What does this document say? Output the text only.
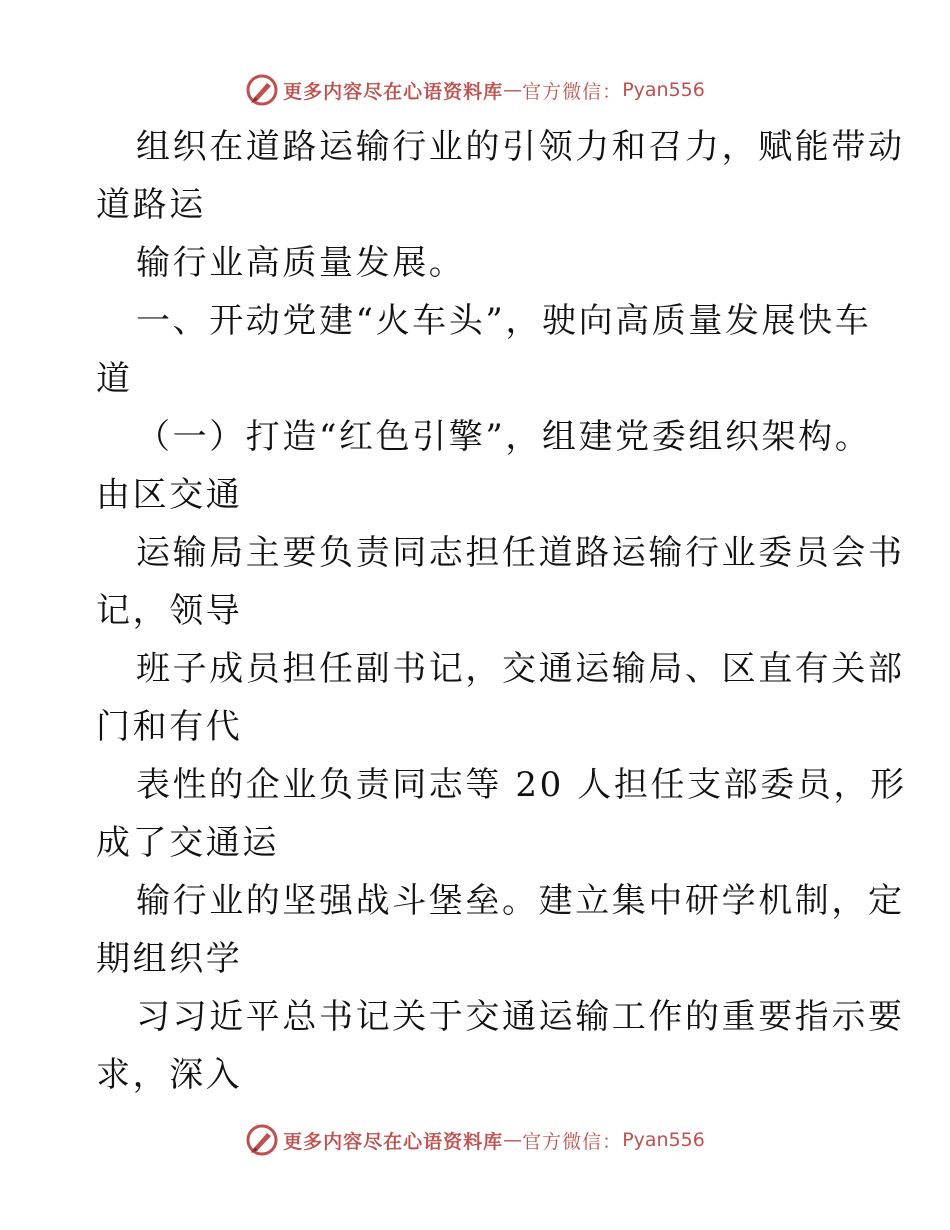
更多内容尽在心语资料库 — 官方微信： Pyan556

组织在道路运输行业的引领力和召力，赋能带动
道路运

输行业高质量发展。

一、开动党建“火车头”，驶向高质量发展快车
道

（一）打造“红色引擎”，组建党委组织架构。
由区交通

运输局主要负责同志担任道路运输行业委员会书
记，领导

班子成员担任副书记，交通运输局、区直有关部
门和有代

表性的企业负责同志等 20 人担任支部委员，形
成了交通运

输行业的坚强战斗堡垒。建立集中研学机制，定
期组织学

习习近平总书记关于交通运输工作的重要指示要
求，深入

更多内容尽在心语资料库 — 官方微信： Pyan556
